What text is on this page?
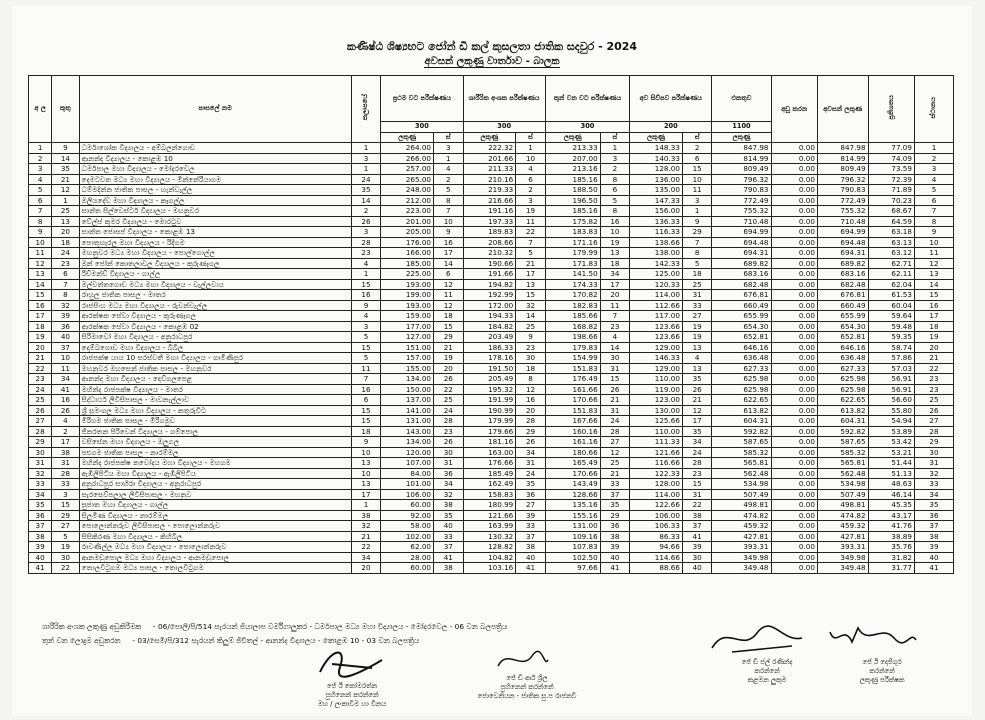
කණිෂ්ඨ ශිෂ්‍යභට ජෝන් ඩී කල් කුසලතා ජාතික සදවුර - 2024
අවසන් ලකුණු වාර්තාව - බාලක
අ ල	කුතු	පාසලේ නම	කලාපයේ	ප්‍රථම වට පරීක්ෂණය		ශාරීරික අංශක පරීක්ෂණය		තුන් වන වට පරීක්ෂණය		අව සිව්පව පරීක්ෂණය		එකතුව	අඩු කරන	අවසන් ලකුණ	ප්‍රතිශතය	ස්ථානය
				300		300		300		200		1100				
				ලකුණු	ස්	ලකුණු	ස්	ලකුණු	ස්	ලකුණු	ස්	ලකුණු				
1	9	ධර්මාශෝක විද්‍යාලය - අම්බලන්ගොඩ	1	264.00	3	222.32	1	213.33	1	148.33	2	847.98	0.00	847.98	77.09	1
2	14	ආනන්ද විද්‍යාලය - කොළඹ 10	3	266.00	1	201.66	10	207.00	3	140.33	6	814.99	0.00	814.99	74.09	2
3	35	ධර්මපාල මහා විද්‍යාලය - මෝදරවෙල	1	257.00	4	211.33	4	213.16	2	128.00	15	809.49	0.00	809.49	73.59	3
4	21	දෙමටවත මධ්‍ය මහා විද්‍යාලය - මින්නේරියාගම	24	265.00	2	210.16	6	185.16	8	136.00	10	796.32	0.00	796.32	72.39	4
5	12	ධම්මදින්න ජාතික පාසල - හැන්වැල්ල	35	248.00	5	219.33	2	188.50	6	135.00	11	790.83	0.00	790.83	71.89	5
6	1	මලියදේව මහා විද්‍යාලය - කෑගල්ල	14	212.00	8	216.66	3	196.50	5	147.33	3	772.49	0.00	772.49	70.23	6
7	25	සාන්ත සිල්වෙස්ටර් විද්‍යාලය - මහනුවර	2	223.00	7	191.16	19	185.16	8	156.00	1	755.32	0.00	755.32	68.67	7
8	13	වේල්ස් කුමර විද්‍යාලය - මොරටුව	26	201.00	10	197.33	11	175.82	16	136.33	9	710.48	0.00	710.48	64.59	8
9	20	සාන්ත ජොසප් විද්‍යාලය - කොළඹ 13	3	205.00	9	189.83	22	183.83	10	116.33	29	694.99	0.00	694.99	63.18	9
10	18	පොතුහැරල මහා විද්‍යාලය - රිදීගම	28	176.00	16	208.66	7	171.16	19	138.66	7	694.48	0.00	694.48	63.13	10
11	24	මහනුවර මධ්‍ය මහා විද්‍යාලය - පොල්ගොල්ල	23	166.00	17	210.32	5	179.99	13	138.00	8	694.31	0.00	694.31	63.12	11
12	23	මුන් ජෝන් කොතලාවල විද්‍යාලය - කුරුණෑගල	4	185.00	14	190.66	21	171.83	18	142.33	5	689.82	0.00	689.82	62.71	12
13	6	රිච්මන්ඩ් විද්‍යාලය - ගාල්ල	1	225.00	6	191.66	17	141.50	34	125.00	18	683.16	0.00	683.16	62.11	13
14	7	මල්වත්තගොඩ මධ්‍ය මහා විද්‍යාලය - වැල්ලවාය	15	193.00	12	194.82	13	174.33	17	120.33	25	682.48	0.00	682.48	62.04	14
15	8	රාහුල ජාතික පාසල - මාතර	16	199.00	11	192.99	15	170.82	20	114.00	31	676.81	0.00	676.81	61.53	15
16	32	රාජසිංහ මධ්‍ය මහා විද්‍යාලය - රුවන්වැල්ල	9	193.00	12	172.00	32	182.83	11	112.66	33	660.49	0.00	660.49	60.04	16
17	39	ආරක්ෂක සේවා විද්‍යාලය - කුරුණෑගල	4	159.00	18	194.33	14	185.66	7	117.00	27	655.99	0.00	655.99	59.64	17
18	36	ආරක්ෂක සේවා විද්‍යාලය - කොළඹ 02	3	177.00	15	184.82	25	168.82	23	123.66	19	654.30	0.00	654.30	59.48	18
19	40	සිරිමාවෝ මහා විද්‍යාලය - අනුරාධපුර	5	127.00	29	203.49	9	198.66	4	123.66	19	652.81	0.00	652.81	59.35	19
20	37	දොම්බගොඩ මහා විද්‍යාලය - බිබිල	15	151.00	21	186.33	23	179.83	14	129.00	13	646.16	0.00	646.16	58.74	20
21	10	රාජපක්ෂ යාය 10 සරස්වතී මහා විද්‍යාලය - ගාමිණිපුර	5	157.00	19	178.16	30	154.99	30	146.33	4	636.48	0.00	636.48	57.86	21
22	11	මහනුවර මහසෙන් ජාතික පාසල - මහනුවර	11	155.00	20	191.50	18	151.83	31	129.00	13	627.33	0.00	627.33	57.03	22
23	34	ආනන්ද මහා විද්‍යාලය - දෙව්ගලපෙළ	7	134.00	26	205.49	8	176.49	15	110.00	35	625.98	0.00	625.98	56.91	23
24	41	මහින්ද රාජපක්ෂ විද්‍යාලය - මාතර	16	150.00	22	195.32	12	161.66	26	119.00	26	625.98	0.00	625.98	56.91	23
25	16	සිද්ධාර්ථ ලිවිසිපාසල - මාවනැල්ලාව	6	137.00	25	191.99	16	170.66	21	123.00	21	622.65	0.00	622.65	56.60	25
26	26	ශ්‍රී සුමංගල මධ්‍ය මහා විද්‍යාලය - කතුරුවිට	15	141.00	24	190.99	20	151.83	31	130.00	12	613.82	0.00	613.82	55.80	26
27	4	මිරිගම ජාතික පාසල - මිරිගමුව	15	131.00	28	179.99	28	167.66	24	125.66	17	604.31	0.00	604.31	54.94	27
28	2	ජිනරතන පිරිවෙන් විද්‍යාලය - ගම්පොල	18	143.00	23	179.66	29	160.16	28	110.00	35	592.82	0.00	592.82	53.89	28
29	17	වසිසේන මහා විද්‍යාලය - ඔලුගල	9	134.00	26	181.16	26	161.16	27	111.33	34	587.65	0.00	587.65	53.42	29
30	38	පළුගම ජාතික පාසල - නාරම්මල	10	120.00	30	163.00	34	180.66	12	121.66	24	585.32	0.00	585.32	53.21	30
31	31	මහින්ද රාජපක්ෂ නවෝදය මහා විද්‍යාලය - මහගම	13	107.00	31	176.66	31	165.49	25	116.66	28	565.81	0.00	565.81	51.44	31
32	28	ඇඹිලිපිටිය මහා විද්‍යාලය - ඇඹිලිපිටිය	10	84.00	36	185.49	24	170.66	21	122.33	23	562.48	0.00	562.48	51.13	32
33	33	අනුරාධපුර සාහිරා විද්‍යාලය - අනුරාධපුර	13	101.00	34	162.49	35	143.49	33	128.00	15	534.98	0.00	534.98	48.63	33
34	3	සැරසෙව්පලාල ලිවිසිපාසල - මහනුව	17	106.00	32	158.83	36	128.66	37	114.00	31	507.49	0.00	507.49	46.14	34
35	15	සුජාත මහා විද්‍යාලය - ගාල්ල	1	60.00	38	180.99	27	135.16	35	122.66	22	498.81	0.00	498.81	45.35	35
36	29	සිලුමිණ විද්‍යාලය - නාරම්මල	38	92.00	35	121.66	39	155.16	29	106.00	38	474.82	0.00	474.82	43.17	36
37	27	පොලොන්නරුව ලිවිසිපාසල - පොලොන්නරුව	32	58.00	40	163.99	33	131.00	36	106.33	37	459.32	0.00	459.32	41.76	37
38	5	සිසිකිරණ මහා විද්‍යාලය - කිහිබිල	21	102.00	33	130.32	37	109.16	38	86.33	41	427.81	0.00	427.81	38.89	38
39	19	රාවණිල්ල මධ්‍ය මහා විද්‍යාලය - පොලොන්නරුව	22	62.00	37	128.82	38	107.83	39	94.66	39	393.31	0.00	393.31	35.76	39
40	30	ආනමඩුපොල මධ්‍ය මහා විද්‍යාලය - ආනමඩුපොල	34	28.00	41	104.82	40	102.50	40	114.66	30	349.98	0.00	349.98	31.82	40
41	22	තොලවීටුගම මධ්‍ය පාසල - තොලවීටුගම	20	60.00	38	103.16	41	97.66	41	88.66	40	349.48	0.00	349.48	31.77	41
ශාරීරික අංශක ලකුණු අඩුකිරීමක - 06/පොලි/පි/514 සැරයන් ජියාලාප වර්මීගාලුකර - ධර්මපාල මධ්‍ය මහා විද්‍යාලය - මෝදරවෙල - 06 වන බලපත්‍රිය
තුන් වන ලොදුම අඩුකරන - 03/සෙමි/පි/312 සැරයන් කිලුම් ජිවිතල් - ආනන්ද විද්‍යාලය - කොළඹ 10 - 03 වන බලපත්‍රිය
ජේ ඊ කෝමරත්න
පුහිනෙන් කරන්නේ
මහ / ලංකාවීම හා විනය
ජේ ඩී ආර් ශ්‍රීල
පුහිනෙන් කරන්නේ
ජොවෙනියන - ජාතික සු.ප රාජනවී
ජේ ඩී ජල් රණින්ද
කරන්නේ
කළමන ලුකුම
ජේ ඊ දොජිගුර
කරන්නේ
ලකුණු පරීක්ෂක
